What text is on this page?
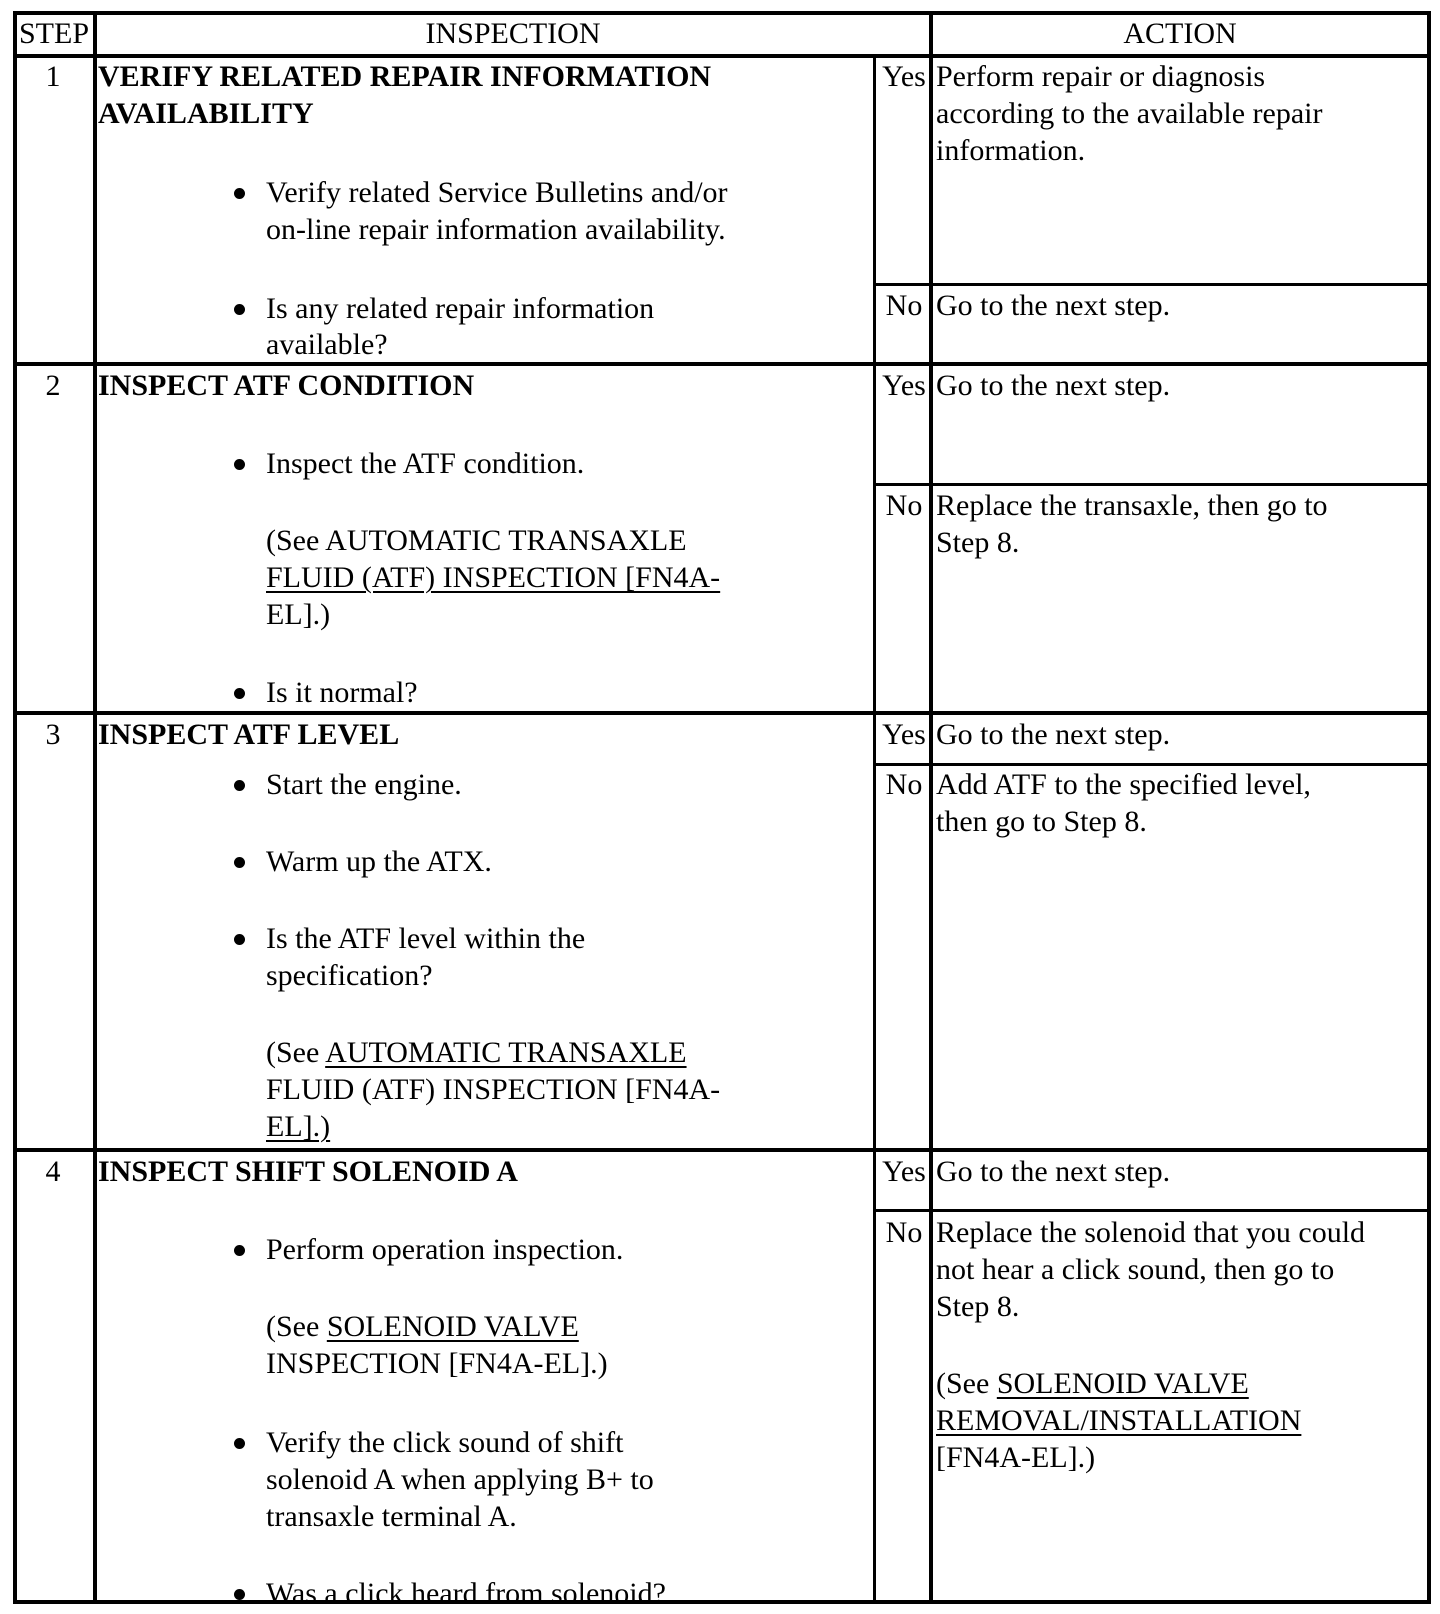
STEP	INSPECTION	ACTION
1	VERIFY RELATED REPAIR INFORMATION
AVAILABILITY
Verify related Service Bulletins and/or
on-line repair information availability.
Is any related repair information
available?
Yes Perform repair or diagnosis
according to the available repair
information.
No Go to the next step.
2	INSPECT ATF CONDITION
Inspect the ATF condition.
(See AUTOMATIC TRANSAXLE
FLUID (ATF) INSPECTION [FN4A-
EL].)
Is it normal?
Yes Go to the next step.
No Replace the transaxle, then go to
Step 8.
3	INSPECT ATF LEVEL
Start the engine.
Warm up the ATX.
Is the ATF level within the
specification?
(See AUTOMATIC TRANSAXLE
FLUID (ATF) INSPECTION [FN4A-
EL].)
Yes Go to the next step.
No Add ATF to the specified level,
then go to Step 8.
4	INSPECT SHIFT SOLENOID A
Perform operation inspection.
(See SOLENOID VALVE
INSPECTION [FN4A-EL].)
Verify the click sound of shift
solenoid A when applying B+ to
transaxle terminal A.
Was a click heard from solenoid?
Yes Go to the next step.
No Replace the solenoid that you could
not hear a click sound, then go to
Step 8.
(See SOLENOID VALVE
REMOVAL/INSTALLATION
[FN4A-EL].)
